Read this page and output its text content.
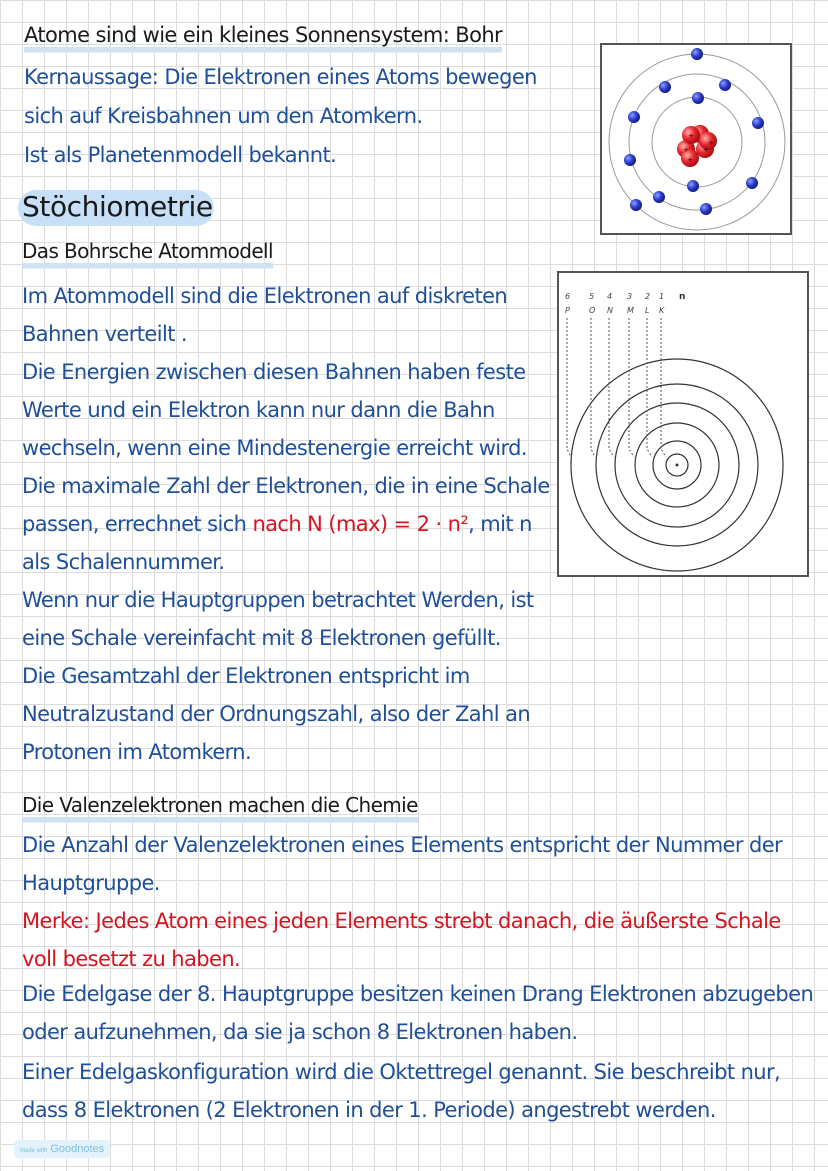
Atome sind wie ein kleines Sonnensystem: Bohr
Kernaussage: Die Elektronen eines Atoms bewegen
sich auf Kreisbahnen um den Atomkern.
Ist als Planetenmodell bekannt.
Stöchiometrie
Das Bohrsche Atommodell
Im Atommodell sind die Elektronen auf diskreten
Bahnen verteilt .
Die Energien zwischen diesen Bahnen haben feste
Werte und ein Elektron kann nur dann die Bahn
wechseln, wenn eine Mindestenergie erreicht wird.
Die maximale Zahl der Elektronen, die in eine Schale
passen, errechnet sich nach N (max) = 2 · n², mit n
als Schalennummer.
Wenn nur die Hauptgruppen betrachtet Werden, ist
eine Schale vereinfacht mit 8 Elektronen gefüllt.
Die Gesamtzahl der Elektronen entspricht im
Neutralzustand der Ordnungszahl, also der Zahl an
Protonen im Atomkern.
Die Valenzelektronen machen die Chemie
Die Anzahl der Valenzelektronen eines Elements entspricht der Nummer der
Hauptgruppe.
Merke: Jedes Atom eines jeden Elements strebt danach, die äußerste Schale
voll besetzt zu haben.
Die Edelgase der 8. Hauptgruppe besitzen keinen Drang Elektronen abzugeben
oder aufzunehmen, da sie ja schon 8 Elektronen haben.
Einer Edelgaskonfiguration wird die Oktettregel genannt. Sie beschreibt nur,
dass 8 Elektronen (2 Elektronen in der 1. Periode) angestrebt werden.
+
+
+
+
+
6 5 4 3 2 1
P O N M L K
n
Made with Goodnotes
